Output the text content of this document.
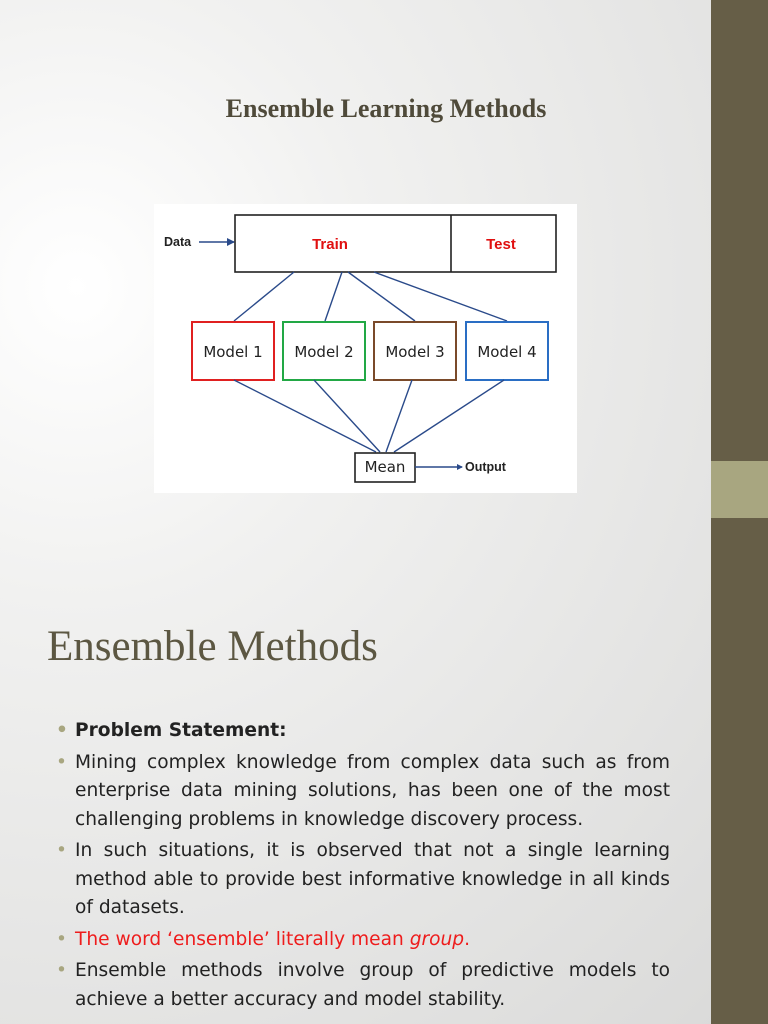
Ensemble Learning Methods
Data	Train	Test
Model 1 Model 2 Model 3 Model 4
Mean	Output
Ensemble Methods
• Problem Statement:
• Mining complex knowledge from complex data such as from enterprise data mining solutions, has been one of the most challenging problems in knowledge discovery process.
• In such situations, it is observed that not a single learning method able to provide best informative knowledge in all kinds of datasets.
• The word ‘ensemble’ literally mean group.
• Ensemble methods involve group of predictive models to achieve a better accuracy and model stability.
